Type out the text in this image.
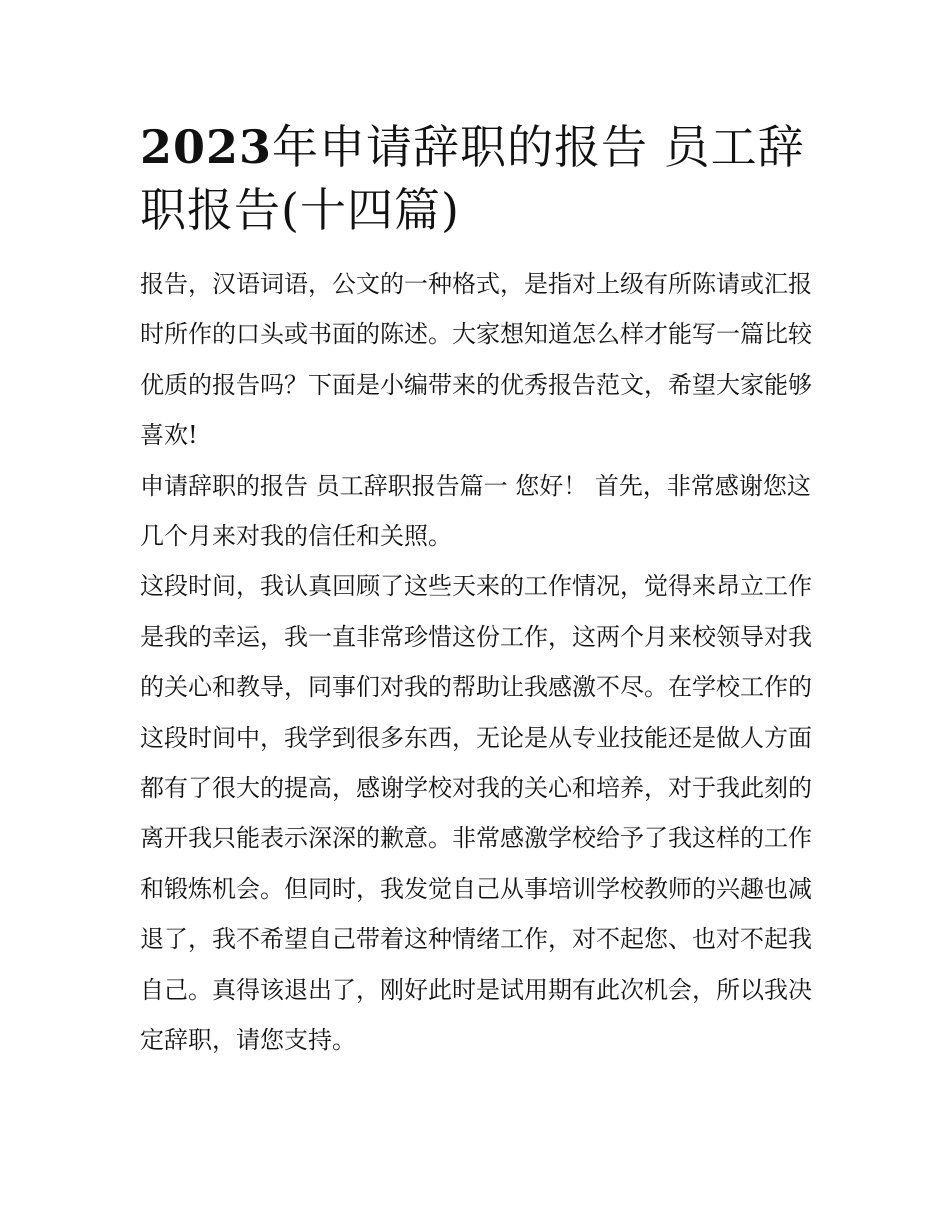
2023年申请辞职的报告 员工辞职报告(十四篇)

报告，汉语词语，公文的一种格式，是指对上级有所陈请或汇报时所作的口头或书面的陈述。大家想知道怎么样才能写一篇比较优质的报告吗？下面是小编带来的优秀报告范文，希望大家能够喜欢!

申请辞职的报告 员工辞职报告篇一 您好！ 首先，非常感谢您这几个月来对我的信任和关照。

这段时间，我认真回顾了这些天来的工作情况，觉得来昂立工作是我的幸运，我一直非常珍惜这份工作，这两个月来校领导对我的关心和教导，同事们对我的帮助让我感激不尽。在学校工作的这段时间中，我学到很多东西，无论是从专业技能还是做人方面都有了很大的提高，感谢学校对我的关心和培养，对于我此刻的离开我只能表示深深的歉意。非常感激学校给予了我这样的工作和锻炼机会。但同时，我发觉自己从事培训学校教师的兴趣也减退了，我不希望自己带着这种情绪工作，对不起您、也对不起我自己。真得该退出了，刚好此时是试用期有此次机会，所以我决定辞职，请您支持。
